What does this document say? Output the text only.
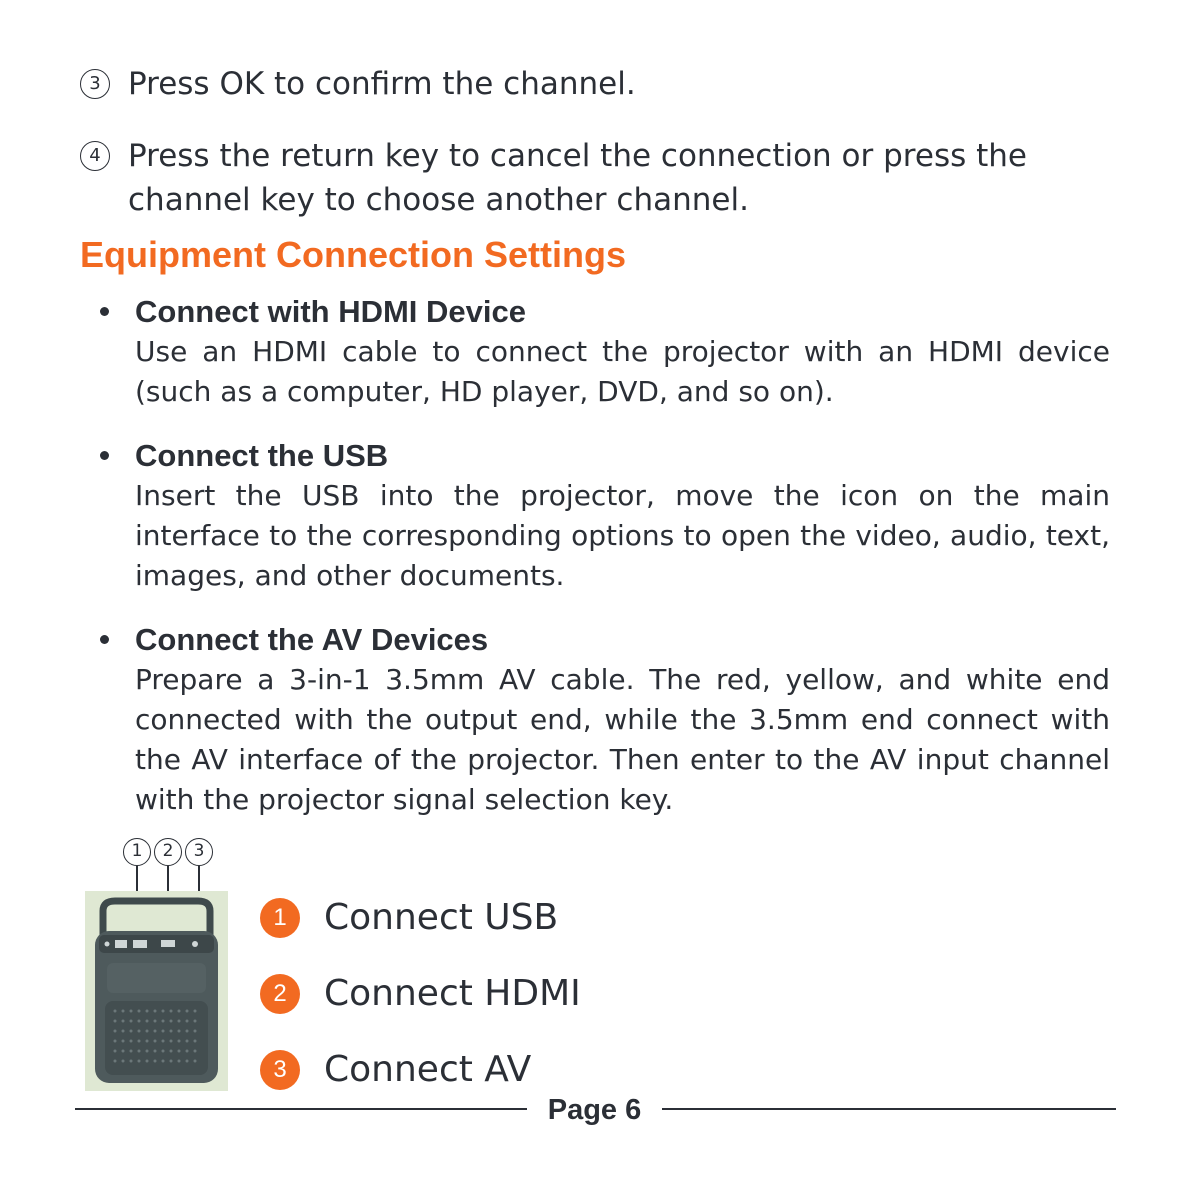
3 Press OK to confirm the channel.
4 Press the return key to cancel the connection or press the channel key to choose another channel.
Equipment Connection Settings
Connect with HDMI Device
Use an HDMI cable to connect the projector with an HDMI device (such as a computer, HD player, DVD, and so on).
Connect the USB
Insert the USB into the projector, move the icon on the main interface to the corresponding options to open the video, audio, text, images, and other documents.
Connect the AV Devices
Prepare a 3-in-1 3.5mm AV cable. The red, yellow, and white end connected with the output end, while the 3.5mm end connect with the AV interface of the projector. Then enter to the AV input channel with the projector signal selection key.
1	2	3
1	Connect USB
2	Connect HDMI
3	Connect AV
Page 6
